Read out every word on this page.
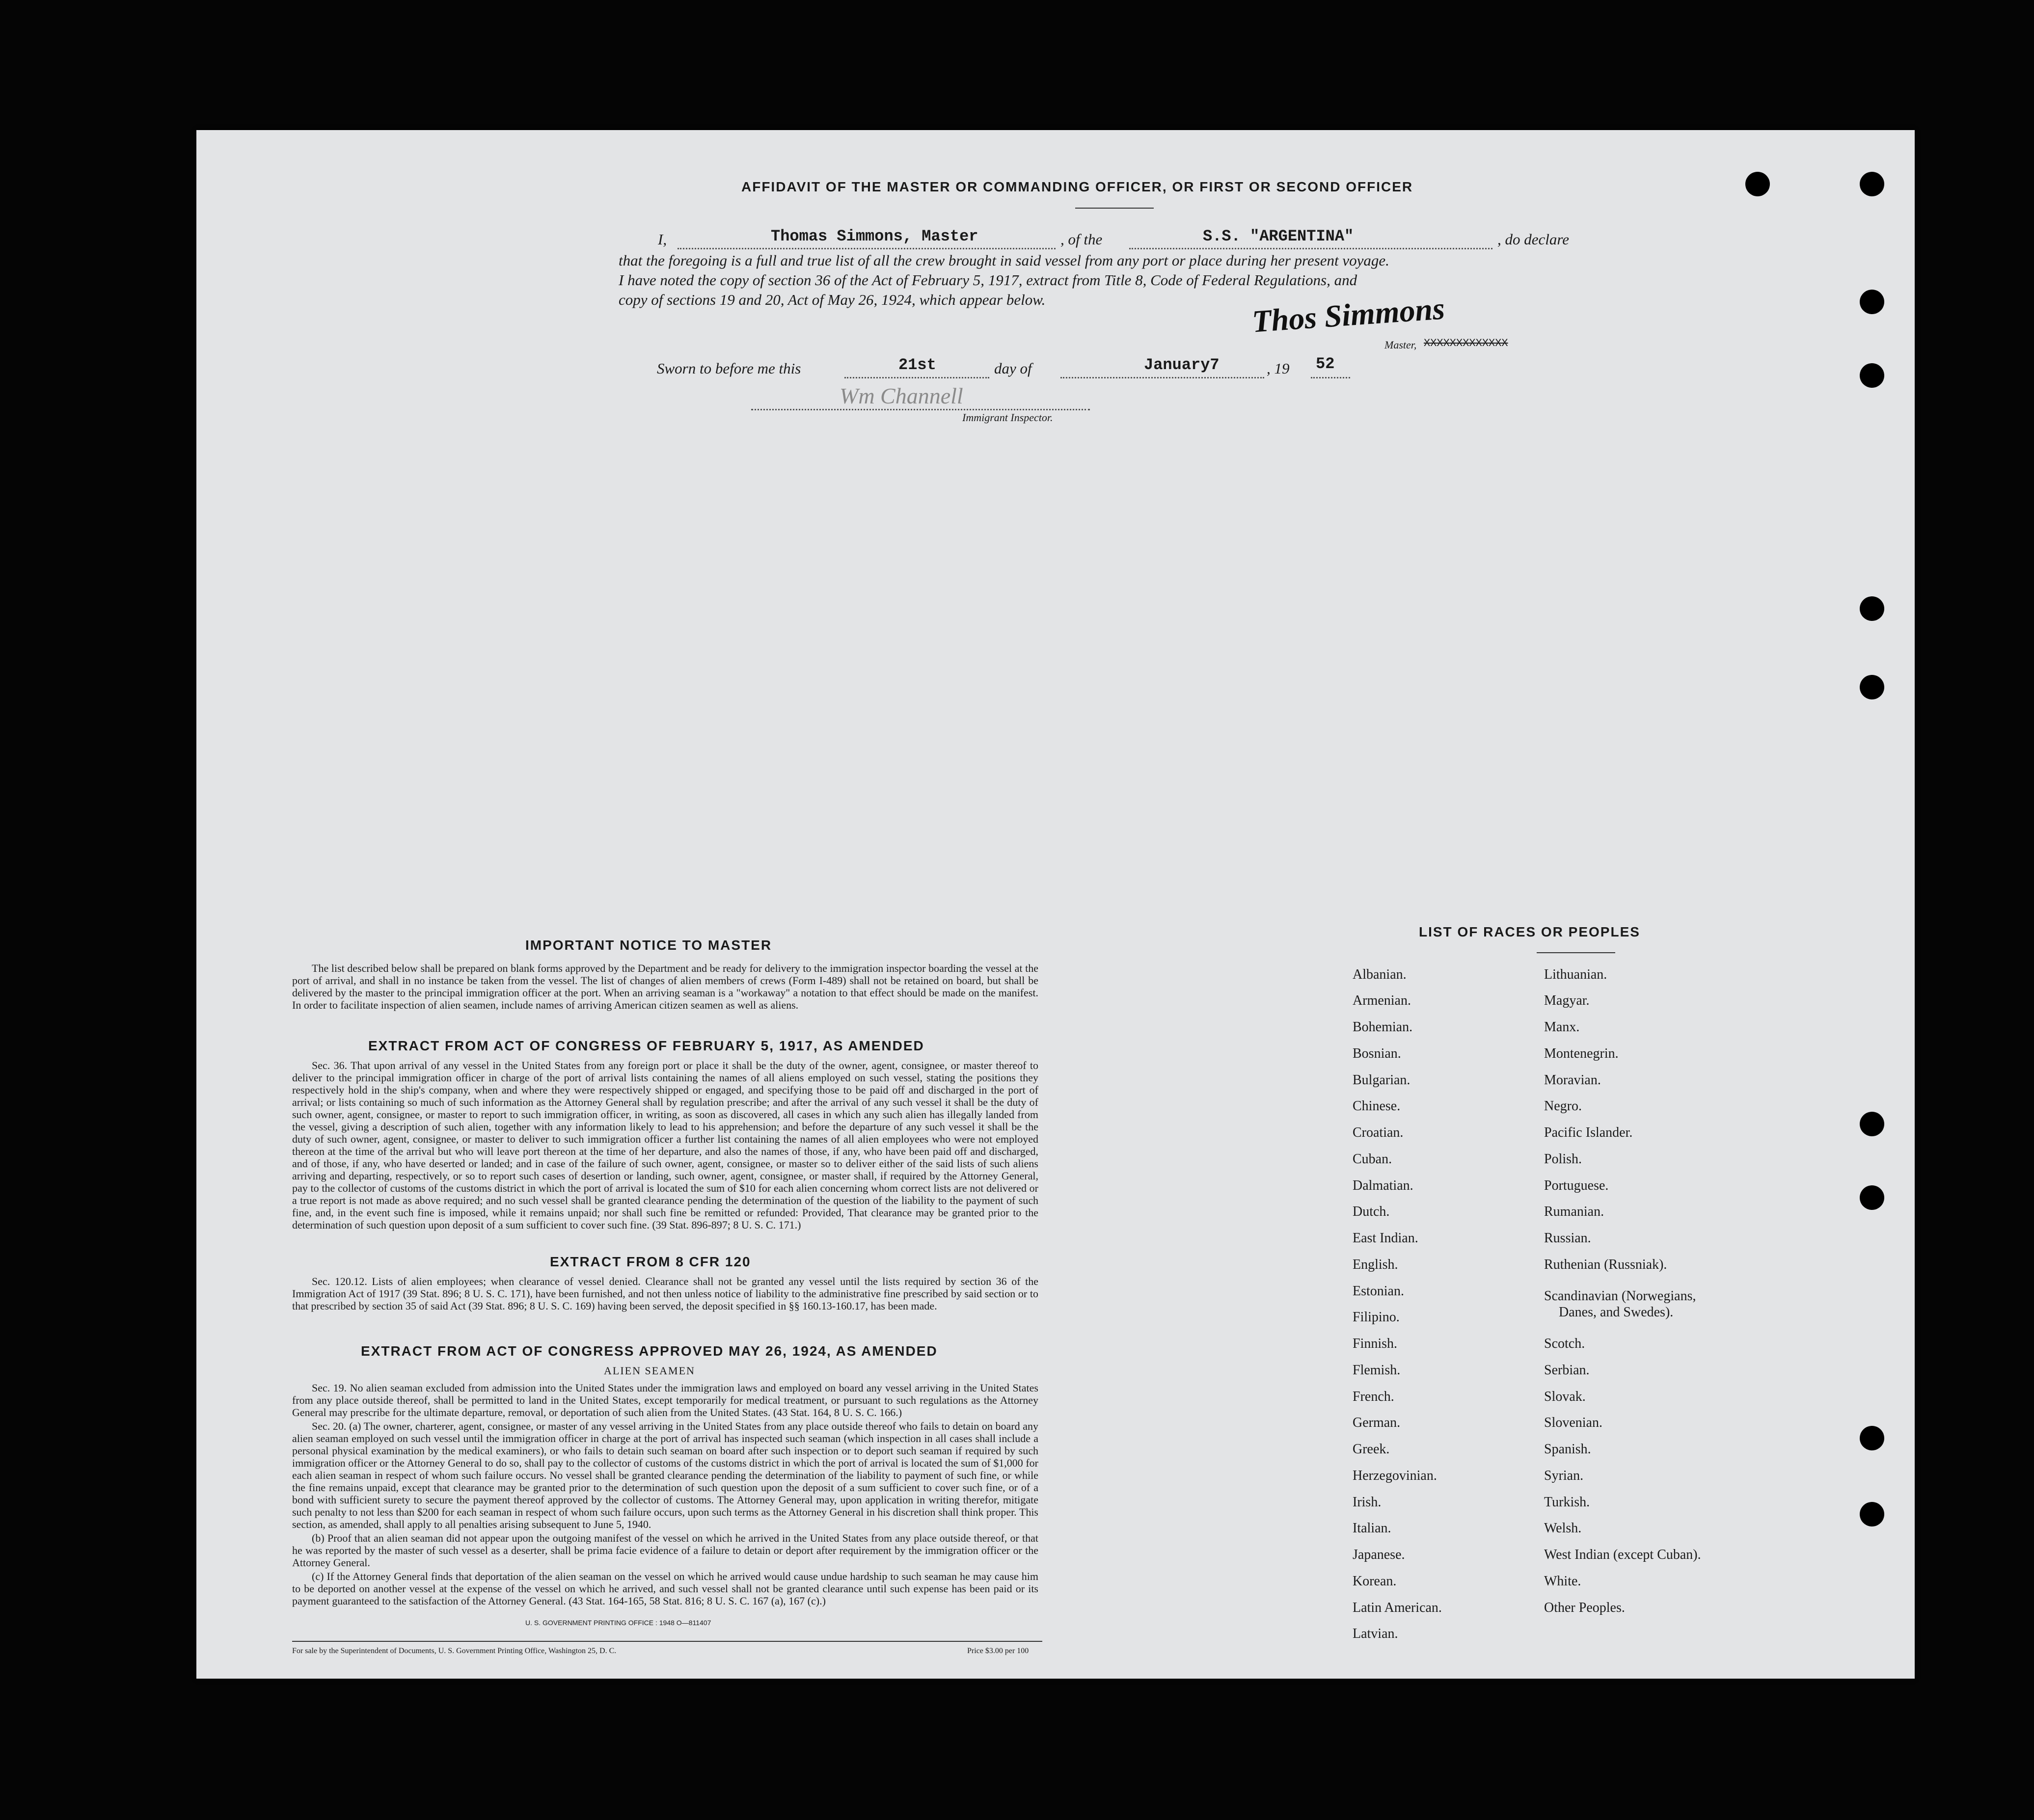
AFFIDAVIT OF THE MASTER OR COMMANDING OFFICER, OR FIRST OR SECOND OFFICER
I,	Thomas Simmons, Master	, of the	S.S. "ARGENTINA"	, do declare
that the foregoing is a full and true list of all the crew brought in said vessel from any port or place during her present voyage.
I have noted the copy of section 36 of the Act of February 5, 1917, extract from Title 8, Code of Federal Regulations, and
copy of sections 19 and 20, Act of May 26, 1924, which appear below.	Thos Simmons
Master, XXXXXXXXXXXXX
Sworn to before me this	21st	day of	January7	, 19 52
Wm Channell
Immigrant Inspector.
IMPORTANT NOTICE TO MASTER

The list described below shall be prepared on blank forms approved by the Department and be ready for delivery to the immigration inspector boarding the vessel at the port of arrival, and shall in no instance be taken from the vessel. The list of changes of alien members of crews (Form I-489) shall not be retained on board, but shall be delivered by the master to the principal immigration officer at the port. When an arriving seaman is a "workaway" a notation to that effect should be made on the manifest. In order to facilitate inspection of alien seamen, include names of arriving American citizen seamen as well as aliens.

EXTRACT FROM ACT OF CONGRESS OF FEBRUARY 5, 1917, AS AMENDED

Sec. 36. That upon arrival of any vessel in the United States from any foreign port or place it shall be the duty of the owner, agent, consignee, or master thereof to deliver to the principal immigration officer in charge of the port of arrival lists containing the names of all aliens employed on such vessel, stating the positions they respectively hold in the ship's company, when and where they were respectively shipped or engaged, and specifying those to be paid off and discharged in the port of arrival; or lists containing so much of such information as the Attorney General shall by regulation prescribe; and after the arrival of any such vessel it shall be the duty of such owner, agent, consignee, or master to report to such immigration officer, in writing, as soon as discovered, all cases in which any such alien has illegally landed from the vessel, giving a description of such alien, together with any information likely to lead to his apprehension; and before the departure of any such vessel it shall be the duty of such owner, agent, consignee, or master to deliver to such immigration officer a further list containing the names of all alien employees who were not employed thereon at the time of the arrival but who will leave port thereon at the time of her departure, and also the names of those, if any, who have been paid off and discharged, and of those, if any, who have deserted or landed; and in case of the failure of such owner, agent, consignee, or master so to deliver either of the said lists of such aliens arriving and departing, respectively, or so to report such cases of desertion or landing, such owner, agent, consignee, or master shall, if required by the Attorney General, pay to the collector of customs of the customs district in which the port of arrival is located the sum of $10 for each alien concerning whom correct lists are not delivered or a true report is not made as above required; and no such vessel shall be granted clearance pending the determination of the question of the liability to the payment of such fine, and, in the event such fine is imposed, while it remains unpaid; nor shall such fine be remitted or refunded: Provided, That clearance may be granted prior to the determination of such question upon deposit of a sum sufficient to cover such fine. (39 Stat. 896-897; 8 U. S. C. 171.)

EXTRACT FROM 8 CFR 120

Sec. 120.12. Lists of alien employees; when clearance of vessel denied. Clearance shall not be granted any vessel until the lists required by section 36 of the Immigration Act of 1917 (39 Stat. 896; 8 U. S. C. 171), have been furnished, and not then unless notice of liability to the administrative fine prescribed by said section or to that prescribed by section 35 of said Act (39 Stat. 896; 8 U. S. C. 169) having been served, the deposit specified in §§ 160.13-160.17, has been made.

EXTRACT FROM ACT OF CONGRESS APPROVED MAY 26, 1924, AS AMENDED
ALIEN SEAMEN

Sec. 19. No alien seaman excluded from admission into the United States under the immigration laws and employed on board any vessel arriving in the United States from any place outside thereof, shall be permitted to land in the United States, except temporarily for medical treatment, or pursuant to such regulations as the Attorney General may prescribe for the ultimate departure, removal, or deportation of such alien from the United States. (43 Stat. 164, 8 U. S. C. 166.)

Sec. 20. (a) The owner, charterer, agent, consignee, or master of any vessel arriving in the United States from any place outside thereof who fails to detain on board any alien seaman employed on such vessel until the immigration officer in charge at the port of arrival has inspected such seaman (which inspection in all cases shall include a personal physical examination by the medical examiners), or who fails to detain such seaman on board after such inspection or to deport such seaman if required by such immigration officer or the Attorney General to do so, shall pay to the collector of customs of the customs district in which the port of arrival is located the sum of $1,000 for each alien seaman in respect of whom such failure occurs. No vessel shall be granted clearance pending the determination of the liability to payment of such fine, or while the fine remains unpaid, except that clearance may be granted prior to the determination of such question upon the deposit of a sum sufficient to cover such fine, or of a bond with sufficient surety to secure the payment thereof approved by the collector of customs. The Attorney General may, upon application in writing therefor, mitigate such penalty to not less than $200 for each seaman in respect of whom such failure occurs, upon such terms as the Attorney General in his discretion shall think proper. This section, as amended, shall apply to all penalties arising subsequent to June 5, 1940.

(b) Proof that an alien seaman did not appear upon the outgoing manifest of the vessel on which he arrived in the United States from any place outside thereof, or that he was reported by the master of such vessel as a deserter, shall be prima facie evidence of a failure to detain or deport after requirement by the immigration officer or the Attorney General.

(c) If the Attorney General finds that deportation of the alien seaman on the vessel on which he arrived would cause undue hardship to such seaman he may cause him to be deported on another vessel at the expense of the vessel on which he arrived, and such vessel shall not be granted clearance until such expense has been paid or its payment guaranteed to the satisfaction of the Attorney General. (43 Stat. 164-165, 58 Stat. 816; 8 U. S. C. 167 (a), 167 (c).)

U. S. GOVERNMENT PRINTING OFFICE : 1948 O—811407
For sale by the Superintendent of Documents, U. S. Government Printing Office, Washington 25, D. C.	Price $3.00 per 100
LIST OF RACES OR PEOPLES
Albanian.
Armenian.
Bohemian.
Bosnian.
Bulgarian.
Chinese.
Croatian.
Cuban.
Dalmatian.
Dutch.
East Indian.
English.
Estonian.
Filipino.
Finnish.
Flemish.
French.
German.
Greek.
Herzegovinian.
Irish.
Italian.
Japanese.
Korean.
Latin American.
Latvian.
Lithuanian.
Magyar.
Manx.
Montenegrin.
Moravian.
Negro.
Pacific Islander.
Polish.
Portuguese.
Rumanian.
Russian.
Ruthenian (Russniak).
Scandinavian (Norwegians,
Danes, and Swedes).
Scotch.
Serbian.
Slovak.
Slovenian.
Spanish.
Syrian.
Turkish.
Welsh.
West Indian (except Cuban).
White.
Other Peoples.
